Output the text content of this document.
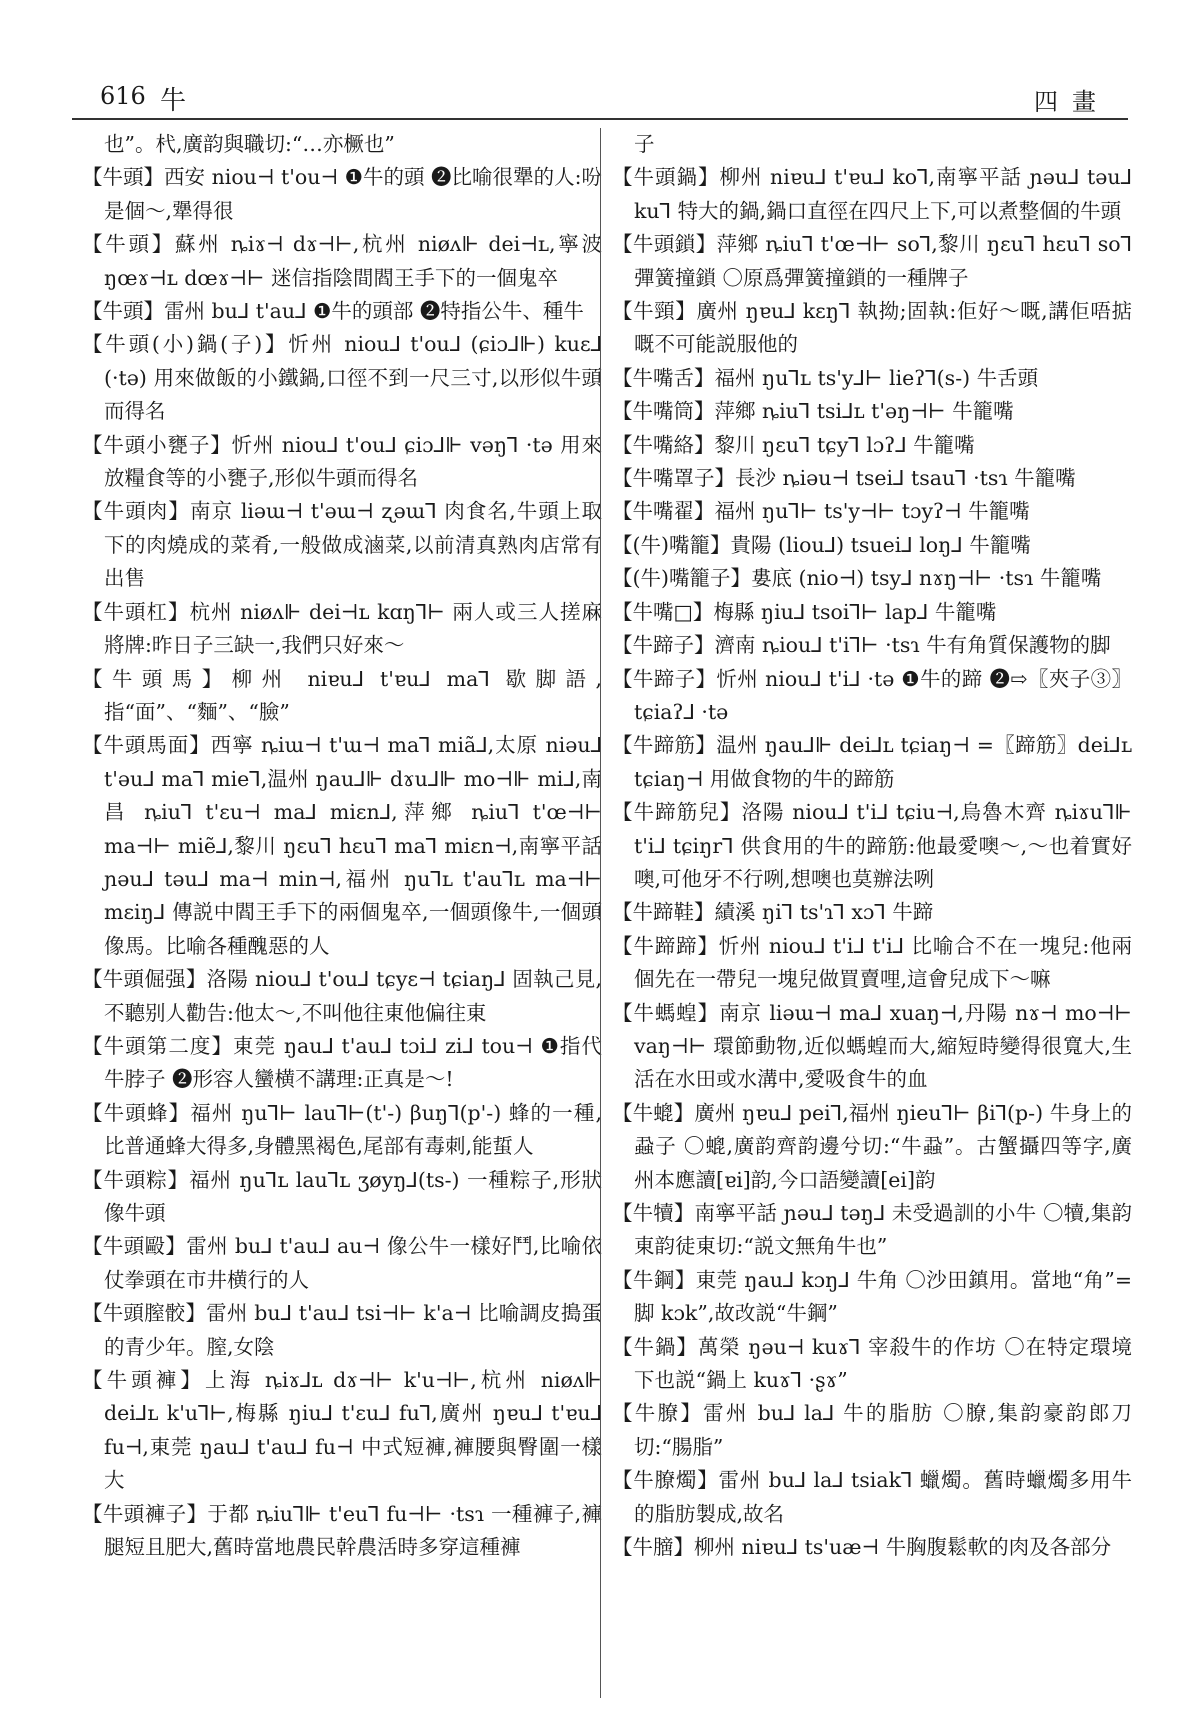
616 牛	四畫
也”。杙,廣韵與職切:“…亦橛也”
【牛頭】西安 niou⊣ t'ou⊣ ❶牛的頭 ❷比喻很犟的人:吩是個～,犟得很
【牛頭】蘇州 ȵiɤ⊣ dɤ⊣⊢,杭州 niøʌ⊩ dei⊣ʟ,寧波 ŋœɤ⊣ʟ dœɤ⊣⊢ 迷信指陰間閻王手下的一個鬼卒
【牛頭】雷州 bu⅃ t'au⅃ ❶牛的頭部 ❷特指公牛、種牛
【牛頭(小)鍋(子)】忻州 niou⅃ t'ou⅃ (ɕiɔ⅃⊩) kuɛ⅃ (·tə) 用來做飯的小鐵鍋,口徑不到一尺三寸,以形似牛頭而得名
【牛頭小甕子】忻州 niou⅃ t'ou⅃ ɕiɔ⅃⊩ vəŋ⅂ ·tə 用來放糧食等的小甕子,形似牛頭而得名
【牛頭肉】南京 liəɯ⊣ t'əɯ⊣ ʐəɯ⅂ 肉食名,牛頭上取下的肉燒成的菜肴,一般做成滷菜,以前清真熟肉店常有出售
【牛頭杠】杭州 niøʌ⊩ dei⊣ʟ kɑŋ⅂⊢ 兩人或三人搓麻將牌:昨日子三缺一,我們只好來～
【牛頭馬】柳州 niɐu⅃ t'ɐu⅃ ma⅂ 歇脚語,指“面”、“麵”、“臉”
【牛頭馬面】西寧 ȵiɯ⊣ t'ɯ⊣ ma⅂ miã⅃,太原 niəu⅃ t'əu⅃ ma⅂ mie⅂,温州 ŋau⅃⊩ dɤu⅃⊩ mo⊣⊩ mi⅃,南昌 ȵiu⅂ t'ɛu⊣ ma⅃ miɛn⅃,萍鄉 ȵiu⅂ t'œ⊣⊢ ma⊣⊢ miẽ⅃,黎川 ŋɛu⅂ hɛu⅂ ma⅂ miɛn⊣,南寧平話 ɲəu⅃ təu⅃ ma⊣ min⊣,福州 ŋu⅂ʟ t'au⅂ʟ ma⊣⊢ mɛiŋ⅃ 傳説中閻王手下的兩個鬼卒,一個頭像牛,一個頭像馬。比喻各種醜惡的人
【牛頭倔强】洛陽 niou⅃ t'ou⅃ tɕyɛ⊣ tɕiaŋ⅃ 固執己見,不聽别人勸告:他太～,不叫他往東他偏往東
【牛頭第二度】東莞 ŋau⅃ t'au⅃ tɔi⅃ zi⅃ tou⊣ ❶指代牛脖子 ❷形容人蠻横不講理:正真是～!
【牛頭蜂】福州 ŋu⅂⊢ lau⅂⊢(t'-) βuŋ⅂(p'-) 蜂的一種,比普通蜂大得多,身體黑褐色,尾部有毒刺,能蜇人
【牛頭粽】福州 ŋu⅂ʟ lau⅂ʟ ʒøyŋ⅃(ts-) 一種粽子,形狀像牛頭
【牛頭毆】雷州 bu⅃ t'au⅃ au⊣ 像公牛一樣好鬥,比喻依仗拳頭在市井横行的人
【牛頭膣骹】雷州 bu⅃ t'au⅃ tsi⊣⊢ k'a⊣ 比喻調皮搗蛋的青少年。膣,女陰
【牛頭褲】上海 ȵiɤ⅃ʟ dɤ⊣⊢ k'u⊣⊢,杭州 niøʌ⊩ dei⅃ʟ k'u⅂⊢,梅縣 ŋiu⅃ t'ɛu⅃ fu⅂,廣州 ŋɐu⅃ t'ɐu⅃ fu⊣,東莞 ŋau⅃ t'au⅃ fu⊣ 中式短褲,褲腰與臀圍一樣大
【牛頭褲子】于都 ȵiu⅂⊩ t'eu⅂ fu⊣⊢ ·tsɿ 一種褲子,褲腿短且肥大,舊時當地農民幹農活時多穿這種褲
子
【牛頭鍋】柳州 niɐu⅃ t'ɐu⅃ ko⅂,南寧平話 ɲəu⅃ təu⅃ ku⅂ 特大的鍋,鍋口直徑在四尺上下,可以煮整個的牛頭
【牛頭鎖】萍鄉 ȵiu⅂ t'œ⊣⊢ so⅂,黎川 ŋɛu⅂ hɛu⅂ so⅂ 彈簧撞鎖 〇原爲彈簧撞鎖的一種牌子
【牛頸】廣州 ŋɐu⅃ kɛŋ⅂ 執拗;固執:佢好～嘅,講佢唔掂嘅不可能説服他的
【牛嘴舌】福州 ŋu⅂ʟ ts'y⅃⊢ lieʔ⅂(s-) 牛舌頭
【牛嘴筒】萍鄉 ȵiu⅂ tsi⅃ʟ t'əŋ⊣⊢ 牛籠嘴
【牛嘴絡】黎川 ŋɛu⅂ tɕy⅂ lɔʔ⅃ 牛籠嘴
【牛嘴罩子】長沙 ȵiəu⊣ tsei⅃ tsau⅂ ·tsɿ 牛籠嘴
【牛嘴翟】福州 ŋu⅂⊢ ts'y⊣⊢ tɔyʔ⊣ 牛籠嘴
【(牛)嘴籠】貴陽 (liou⅃) tsuei⅃ loŋ⅃ 牛籠嘴
【(牛)嘴籠子】婁底 (nio⊣) tsy⅃ nɤŋ⊣⊢ ·tsɿ 牛籠嘴
【牛嘴□】梅縣 ŋiu⅃ tsoi⅂⊢ lap⅃ 牛籠嘴
【牛蹄子】濟南 ȵiou⅃ t'i⅂⊢ ·tsɿ 牛有角質保護物的脚
【牛蹄子】忻州 niou⅃ t'i⅃ ·tə ❶牛的蹄 ❷⇨〖夾子③〗tɕiaʔ⅃ ·tə
【牛蹄筋】温州 ŋau⅃⊩ dei⅃ʟ tɕiaŋ⊣ =〖蹄筋〗dei⅃ʟ tɕiaŋ⊣ 用做食物的牛的蹄筋
【牛蹄筋兒】洛陽 niou⅃ t'i⅃ tɕiu⊣,烏魯木齊 ȵiɤu⅂⊩ t'i⅃ tɕiŋr⅂ 供食用的牛的蹄筋:他最愛噢～,～也着實好噢,可他牙不行咧,想噢也莫辦法咧
【牛蹄鞋】績溪 ŋi⅂ ts'ɿ⅂ xɔ⅂ 牛蹄
【牛蹄蹄】忻州 niou⅃ t'i⅃ t'i⅃ 比喻合不在一塊兒:他兩個先在一帶兒一塊兒做買賣哩,這會兒成下～嘛
【牛螞蝗】南京 liəɯ⊣ ma⅃ xuaŋ⊣,丹陽 nɤ⊣ mo⊣⊢ vaŋ⊣⊢ 環節動物,近似螞蝗而大,縮短時變得很寬大,生活在水田或水溝中,愛吸食牛的血
【牛螕】廣州 ŋɐu⅃ pei⅂,福州 ŋieu⅂⊢ βi⅂(p-) 牛身上的蝨子 〇螕,廣韵齊韵邊兮切:“牛蝨”。古蟹攝四等字,廣州本應讀[ɐi]韵,今口語變讀[ei]韵
【牛犢】南寧平話 ɲəu⅃ təŋ⅃ 未受過訓的小牛 〇犢,集韵東韵徒東切:“説文無角牛也”
【牛鋼】東莞 ŋau⅃ kɔŋ⅃ 牛角 〇沙田鎮用。當地“角”=脚 kɔk”,故改説“牛鋼”
【牛鍋】萬榮 ŋəu⊣ kuɤ⅂ 宰殺牛的作坊 〇在特定環境下也説“鍋上 kuɤ⅂ ·ʂɤ”
【牛膫】雷州 bu⅃ la⅃ 牛的脂肪 〇膫,集韵豪韵郎刀切:“腸脂”
【牛膫燭】雷州 bu⅃ la⅃ tsiak⅂ 蠟燭。舊時蠟燭多用牛的脂肪製成,故名
【牛膪】柳州 niɐu⅃ ts'uæ⊣ 牛胸腹鬆軟的肉及各部分
